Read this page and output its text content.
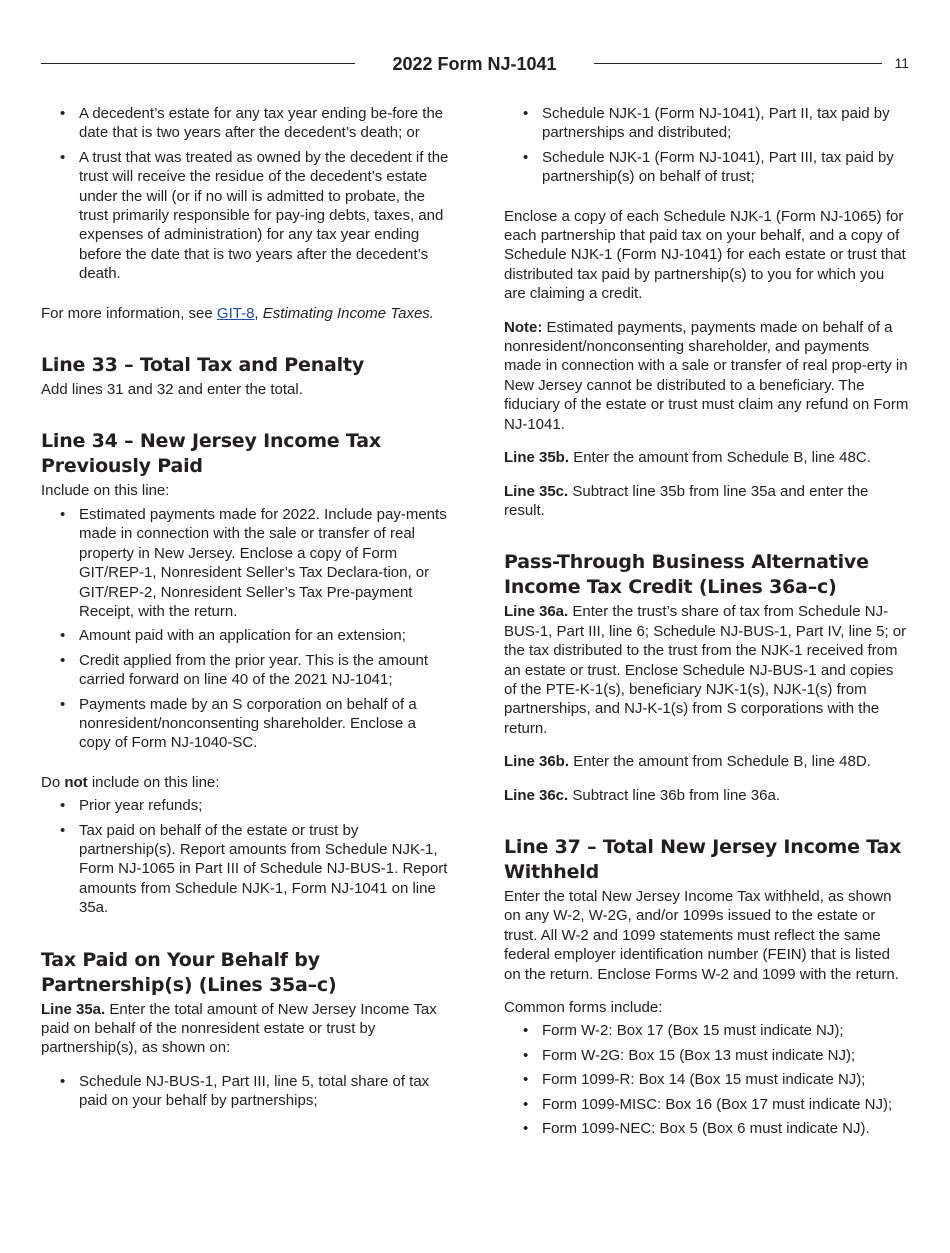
2022 Form NJ-1041	11
• A decedent’s estate for any tax year ending be-fore the date that is two years after the decedent’s death; or
• A trust that was treated as owned by the decedent if the trust will receive the residue of the decedent’s estate under the will (or if no will is admitted to probate, the trust primarily responsible for pay-ing debts, taxes, and expenses of administration) for any tax year ending before the date that is two years after the decedent’s death.

For more information, see GIT-8, Estimating Income Taxes.

Line 33 – Total Tax and Penalty

Add lines 31 and 32 and enter the total.

Line 34 – New Jersey Income Tax Previously Paid

Include on this line:

• Estimated payments made for 2022. Include pay-ments made in connection with the sale or transfer of real property in New Jersey. Enclose a copy of Form GIT/REP-1, Nonresident Seller’s Tax Declara-tion, or GIT/REP-2, Nonresident Seller’s Tax Pre-payment Receipt, with the return.
• Amount paid with an application for an extension;
• Credit applied from the prior year. This is the amount carried forward on line 40 of the 2021 NJ-1041;
• Payments made by an S corporation on behalf of a nonresident/nonconsenting shareholder. Enclose a copy of Form NJ-1040-SC.

Do not include on this line:

• Prior year refunds;
• Tax paid on behalf of the estate or trust by partnership(s). Report amounts from Schedule NJK-1, Form NJ-1065 in Part III of Schedule NJ-BUS-1. Report amounts from Schedule NJK-1, Form NJ-1041 on line 35a.
Tax Paid on Your Behalf by Partnership(s) (Lines 35a–c)

Line 35a. Enter the total amount of New Jersey Income Tax paid on behalf of the nonresident estate or trust by partnership(s), as shown on:

• Schedule NJ-BUS-1, Part III, line 5, total share of tax paid on your behalf by partnerships;
• Schedule NJK-1 (Form NJ-1041), Part II, tax paid by partnerships and distributed;
• Schedule NJK-1 (Form NJ-1041), Part III, tax paid by partnership(s) on behalf of trust;

Enclose a copy of each Schedule NJK-1 (Form NJ-1065) for each partnership that paid tax on your behalf, and a copy of Schedule NJK-1 (Form NJ-1041) for each estate or trust that distributed tax paid by partnership(s) to you for which you are claiming a credit.

Note: Estimated payments, payments made on behalf of a nonresident/nonconsenting shareholder, and payments made in connection with a sale or transfer of real prop-erty in New Jersey cannot be distributed to a beneficiary. The fiduciary of the estate or trust must claim any refund on Form NJ-1041.

Line 35b. Enter the amount from Schedule B, line 48C.

Line 35c. Subtract line 35b from line 35a and enter the result.

Pass-Through Business Alternative Income Tax Credit (Lines 36a–c)

Line 36a. Enter the trust’s share of tax from Schedule NJ-BUS-1, Part III, line 6; Schedule NJ-BUS-1, Part IV, line 5; or the tax distributed to the trust from the NJK-1 received from an estate or trust. Enclose Schedule NJ-BUS-1 and copies of the PTE-K-1(s), beneficiary NJK-1(s), NJK-1(s) from partnerships, and NJ-K-1(s) from S corporations with the return.

Line 36b. Enter the amount from Schedule B, line 48D.

Line 36c. Subtract line 36b from line 36a.

Line 37 – Total New Jersey Income Tax Withheld

Enter the total New Jersey Income Tax withheld, as shown on any W-2, W-2G, and/or 1099s issued to the estate or trust. All W-2 and 1099 statements must reflect the same federal employer identification number (FEIN) that is listed on the return. Enclose Forms W-2 and 1099 with the return.

Common forms include:

• Form W-2: Box 17 (Box 15 must indicate NJ);
• Form W-2G: Box 15 (Box 13 must indicate NJ);
• Form 1099-R: Box 14 (Box 15 must indicate NJ);
• Form 1099-MISC: Box 16 (Box 17 must indicate NJ);
• Form 1099-NEC: Box 5 (Box 6 must indicate NJ).
